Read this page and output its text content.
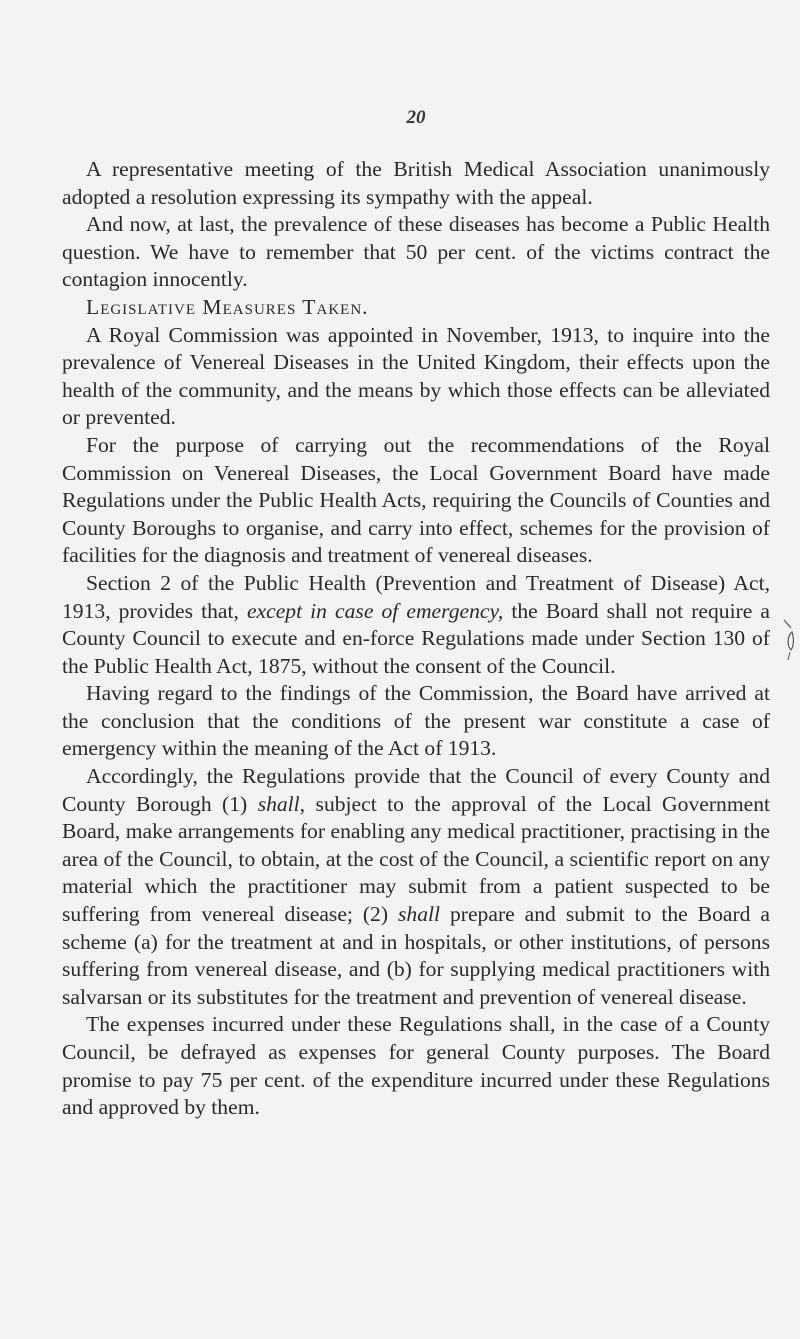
20

A representative meeting of the British Medical Association unanimously adopted a resolution expressing its sympathy with the appeal.

And now, at last, the prevalence of these diseases has become a Public Health question. We have to remember that 50 per cent. of the victims contract the contagion innocently.

Legislative Measures Taken.

A Royal Commission was appointed in November, 1913, to inquire into the prevalence of Venereal Diseases in the United Kingdom, their effects upon the health of the community, and the means by which those effects can be alleviated or prevented.

For the purpose of carrying out the recommendations of the Royal Commission on Venereal Diseases, the Local Government Board have made Regulations under the Public Health Acts, requiring the Councils of Counties and County Boroughs to organise, and carry into effect, schemes for the provision of facilities for the diagnosis and treatment of venereal diseases.

Section 2 of the Public Health (Prevention and Treatment of Disease) Act, 1913, provides that, except in case of emergency, the Board shall not require a County Council to execute and en-force Regulations made under Section 130 of the Public Health Act, 1875, without the consent of the Council.

Having regard to the findings of the Commission, the Board have arrived at the conclusion that the conditions of the present war constitute a case of emergency within the meaning of the Act of 1913.

Accordingly, the Regulations provide that the Council of every County and County Borough (1) shall, subject to the approval of the Local Government Board, make arrangements for enabling any medical practitioner, practising in the area of the Council, to obtain, at the cost of the Council, a scientific report on any material which the practitioner may submit from a patient suspected to be suffering from venereal disease; (2) shall prepare and submit to the Board a scheme (a) for the treatment at and in hospitals, or other institutions, of persons suffering from venereal disease, and (b) for supplying medical practitioners with salvarsan or its substitutes for the treatment and prevention of venereal disease.

The expenses incurred under these Regulations shall, in the case of a County Council, be defrayed as expenses for general County purposes. The Board promise to pay 75 per cent. of the expenditure incurred under these Regulations and approved by them.
